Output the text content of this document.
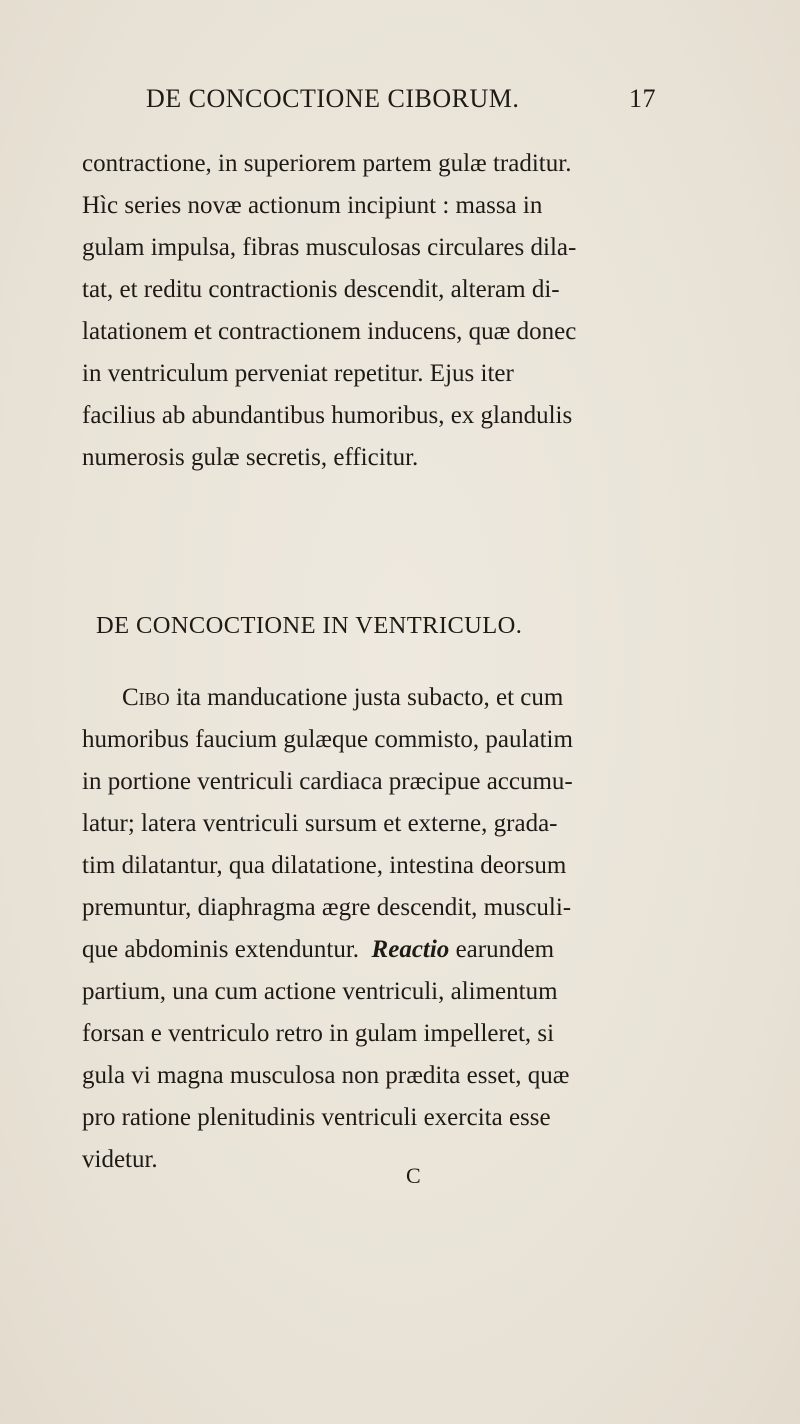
DE CONCOCTIONE CIBORUM.	17
contractione, in superiorem partem gulæ traditur.
Hìc series novæ actionum incipiunt : massa in
gulam impulsa, fibras musculosas circulares dila-
tat, et reditu contractionis descendit, alteram di-
latationem et contractionem inducens, quæ donec
in ventriculum perveniat repetitur. Ejus iter
facilius ab abundantibus humoribus, ex glandulis
numerosis gulæ secretis, efficitur.
DE CONCOCTIONE IN VENTRICULO.
Cibo ita manducatione justa subacto, et cum
humoribus faucium gulæque commisto, paulatim
in portione ventriculi cardiaca præcipue accumu-
latur; latera ventriculi sursum et externe, grada-
tim dilatantur, qua dilatatione, intestina deorsum
premuntur, diaphragma ægre descendit, musculi-
que abdominis extenduntur. Reactio earundem
partium, una cum actione ventriculi, alimentum
forsan e ventriculo retro in gulam impelleret, si
gula vi magna musculosa non prædita esset, quæ
pro ratione plenitudinis ventriculi exercita esse
videtur.
C
